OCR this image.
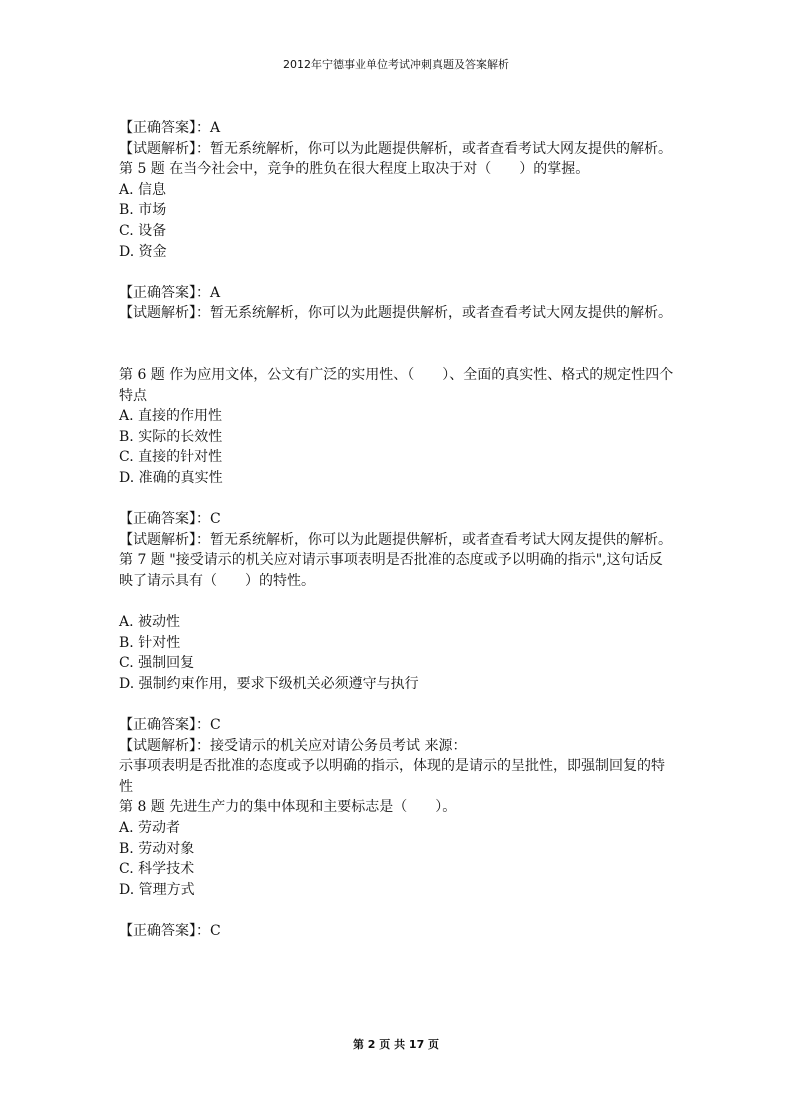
2012年宁德事业单位考试冲刺真题及答案解析

【正确答案】：A

【试题解析】：暂无系统解析，你可以为此题提供解析，或者查看考试大网友提供的解析。

第 5 题 在当今社会中，竞争的胜负在很大程度上取决于对（　　）的掌握。

A. 信息

B. 市场

C. 设备

D. 资金

【正确答案】：A

【试题解析】：暂无系统解析，你可以为此题提供解析，或者查看考试大网友提供的解析。

第 6 题 作为应用文体，公文有广泛的实用性、（　　）、全面的真实性、格式的规定性四个特点

A. 直接的作用性

B. 实际的长效性

C. 直接的针对性

D. 准确的真实性

【正确答案】：C

【试题解析】：暂无系统解析，你可以为此题提供解析，或者查看考试大网友提供的解析。

第 7 题 "接受请示的机关应对请示事项表明是否批准的态度或予以明确的指示",这句话反映了请示具有（　　）的特性。

A. 被动性

B. 针对性

C. 强制回复

D. 强制约束作用，要求下级机关必须遵守与执行

【正确答案】：C

【试题解析】：接受请示的机关应对请公务员考试 来源：

示事项表明是否批准的态度或予以明确的指示，体现的是请示的呈批性，即强制回复的特性

第 8 题 先进生产力的集中体现和主要标志是（　　）。

A. 劳动者

B. 劳动对象

C. 科学技术

D. 管理方式

【正确答案】：C

第 2 页 共 17 页
